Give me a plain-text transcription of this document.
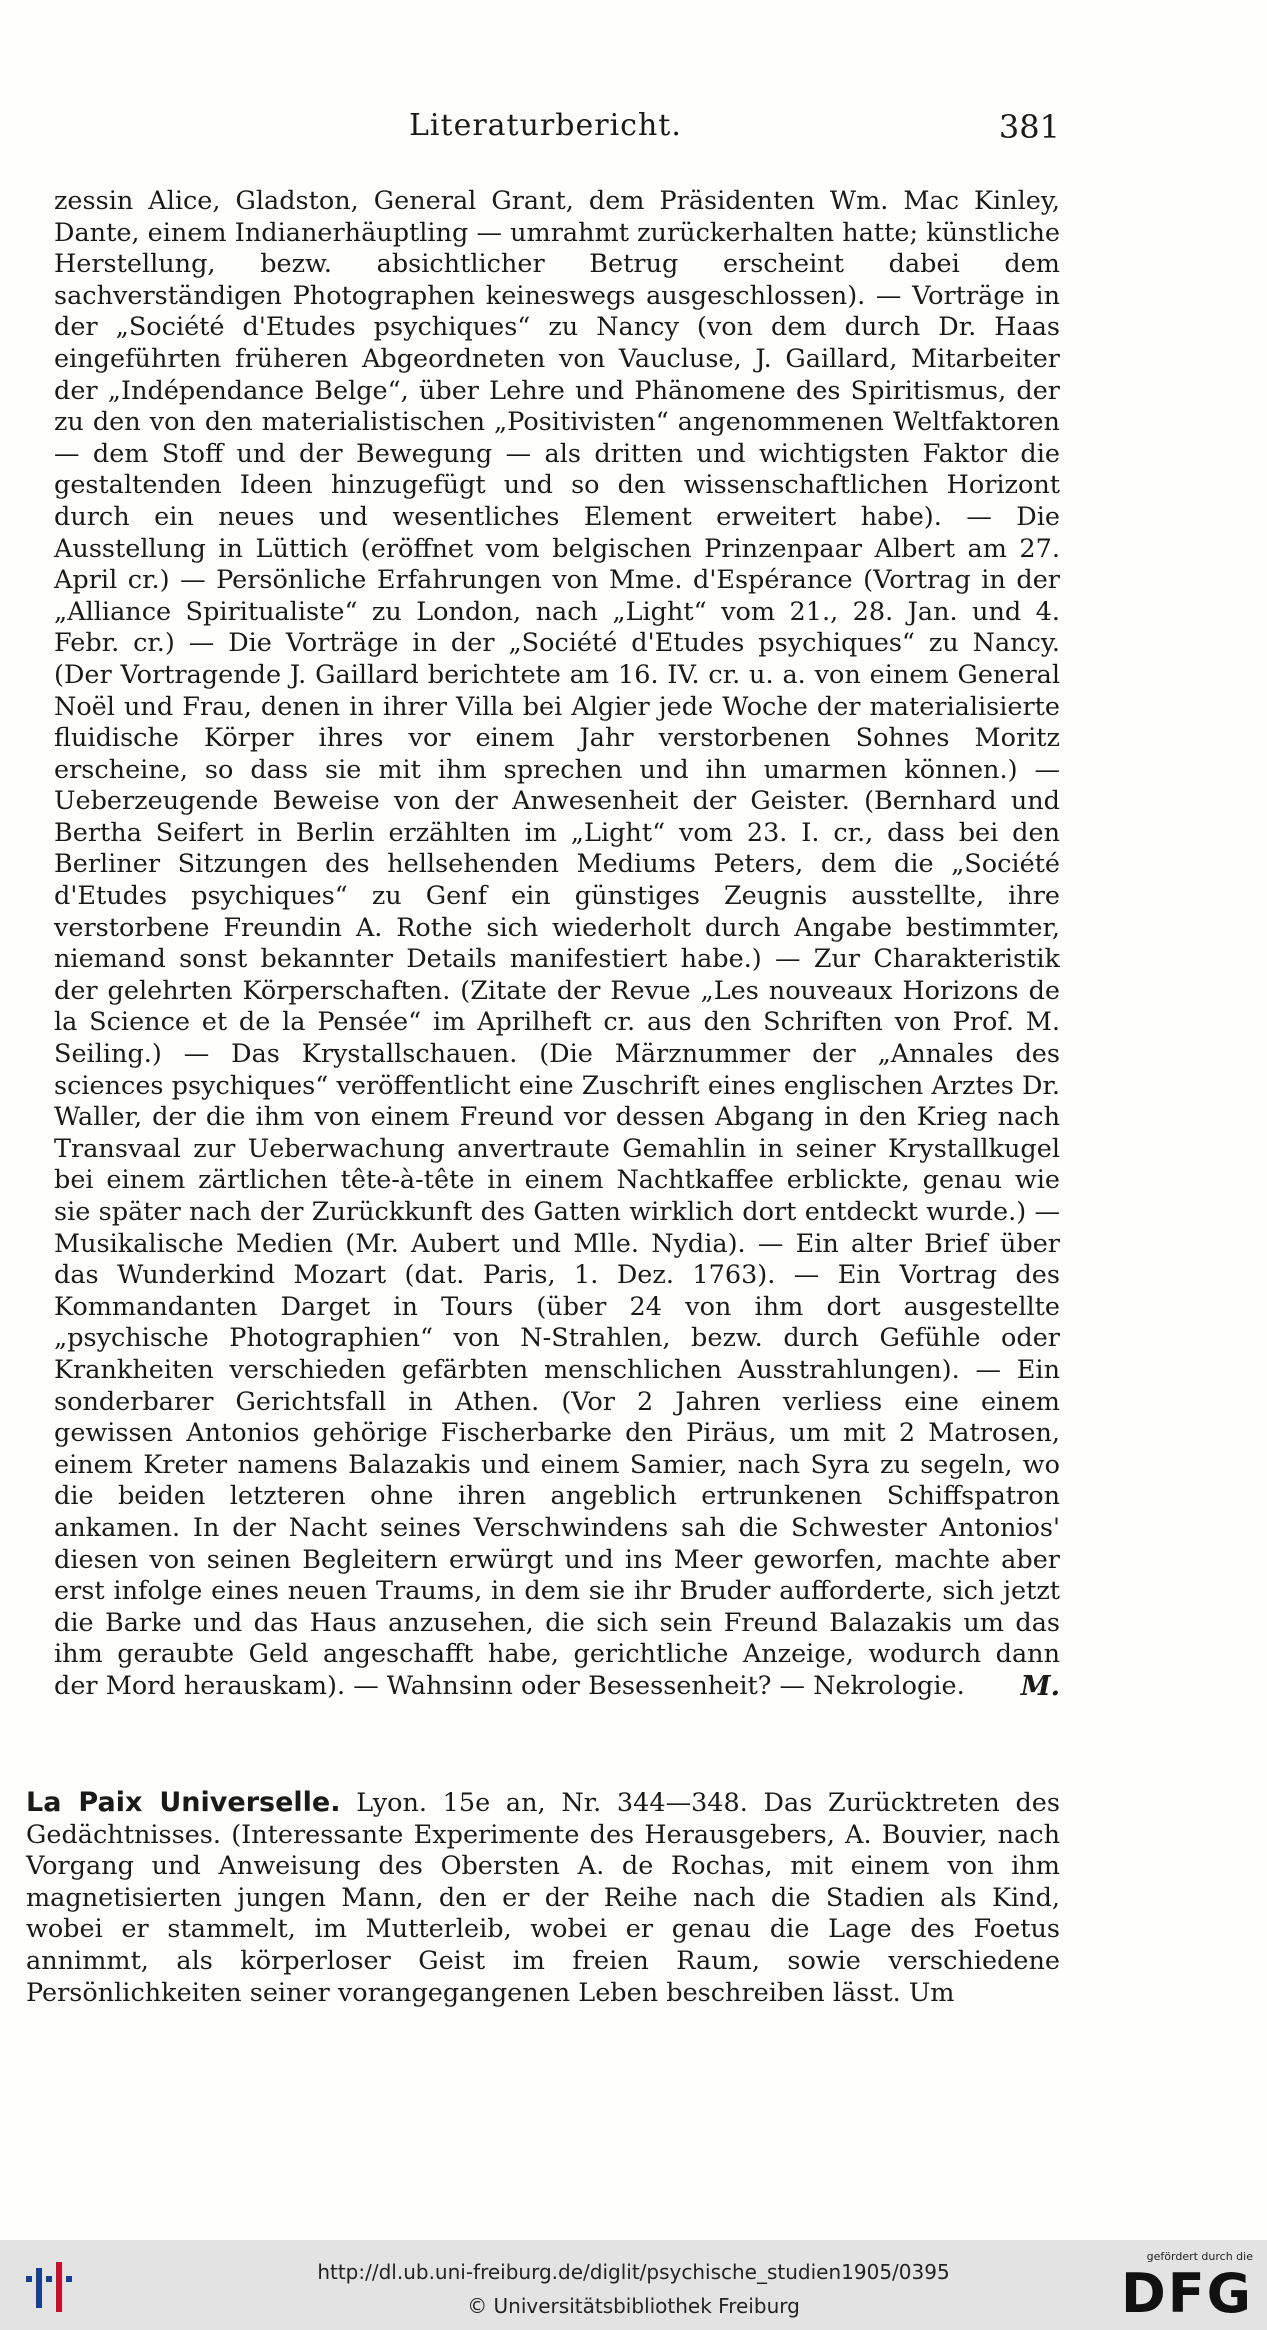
Literaturbericht.	381

zessin Alice, Gladston, General Grant, dem Präsidenten Wm. Mac Kinley, Dante, einem Indianerhäuptling — umrahmt zurückerhalten hatte; künstliche Herstellung, bezw. absichtlicher Betrug erscheint dabei dem sachverständigen Photographen keineswegs ausgeschlossen). — Vorträge in der „Société d'Etudes psychiques“ zu Nancy (von dem durch Dr. Haas eingeführten früheren Abgeordneten von Vaucluse, J. Gaillard, Mitarbeiter der „Indépendance Belge“, über Lehre und Phänomene des Spiritismus, der zu den von den materialistischen „Positivisten“ angenommenen Weltfaktoren — dem Stoff und der Bewegung — als dritten und wichtigsten Faktor die gestaltenden Ideen hinzugefügt und so den wissenschaftlichen Horizont durch ein neues und wesentliches Element erweitert habe). — Die Ausstellung in Lüttich (eröffnet vom belgischen Prinzenpaar Albert am 27. April cr.) — Persönliche Erfahrungen von Mme. d'Espérance (Vortrag in der „Alliance Spiritualiste“ zu London, nach „Light“ vom 21., 28. Jan. und 4. Febr. cr.) — Die Vorträge in der „Société d'Etudes psychiques“ zu Nancy. (Der Vortragende J. Gaillard berichtete am 16. IV. cr. u. a. von einem General Noël und Frau, denen in ihrer Villa bei Algier jede Woche der materialisierte fluidische Körper ihres vor einem Jahr verstorbenen Sohnes Moritz erscheine, so dass sie mit ihm sprechen und ihn umarmen können.) — Ueberzeugende Beweise von der Anwesenheit der Geister. (Bernhard und Bertha Seifert in Berlin erzählten im „Light“ vom 23. I. cr., dass bei den Berliner Sitzungen des hellsehenden Mediums Peters, dem die „Société d'Etudes psychiques“ zu Genf ein günstiges Zeugnis ausstellte, ihre verstorbene Freundin A. Rothe sich wiederholt durch Angabe bestimmter, niemand sonst bekannter Details manifestiert habe.) — Zur Charakteristik der gelehrten Körperschaften. (Zitate der Revue „Les nouveaux Horizons de la Science et de la Pensée“ im Aprilheft cr. aus den Schriften von Prof. M. Seiling.) — Das Krystallschauen. (Die Märznummer der „Annales des sciences psychiques“ veröffentlicht eine Zuschrift eines englischen Arztes Dr. Waller, der die ihm von einem Freund vor dessen Abgang in den Krieg nach Transvaal zur Ueberwachung anvertraute Gemahlin in seiner Krystallkugel bei einem zärtlichen tête-à-tête in einem Nachtkaffee erblickte, genau wie sie später nach der Zurückkunft des Gatten wirklich dort entdeckt wurde.) — Musikalische Medien (Mr. Aubert und Mlle. Nydia). — Ein alter Brief über das Wunderkind Mozart (dat. Paris, 1. Dez. 1763). — Ein Vortrag des Kommandanten Darget in Tours (über 24 von ihm dort ausgestellte „psychische Photographien“ von N-Strahlen, bezw. durch Gefühle oder Krankheiten verschieden gefärbten menschlichen Ausstrahlungen). — Ein sonderbarer Gerichtsfall in Athen. (Vor 2 Jahren verliess eine einem gewissen Antonios gehörige Fischerbarke den Piräus, um mit 2 Matrosen, einem Kreter namens Balazakis und einem Samier, nach Syra zu segeln, wo die beiden letzteren ohne ihren angeblich ertrunkenen Schiffspatron ankamen. In der Nacht seines Verschwindens sah die Schwester Antonios' diesen von seinen Begleitern erwürgt und ins Meer geworfen, machte aber erst infolge eines neuen Traums, in dem sie ihr Bruder aufforderte, sich jetzt die Barke und das Haus anzusehen, die sich sein Freund Balazakis um das ihm geraubte Geld angeschafft habe, gerichtliche Anzeige, wodurch dann der Mord herauskam). — Wahnsinn oder Besessenheit? — Nekrologie. M.

La Paix Universelle. Lyon. 15e an, Nr. 344—348. Das Zurücktreten des Gedächtnisses. (Interessante Experimente des Herausgebers, A. Bouvier, nach Vorgang und Anweisung des Obersten A. de Rochas, mit einem von ihm magnetisierten jungen Mann, den er der Reihe nach die Stadien als Kind, wobei er stammelt, im Mutterleib, wobei er genau die Lage des Foetus annimmt, als körperloser Geist im freien Raum, sowie verschiedene Persönlichkeiten seiner vorangegangenen Leben beschreiben lässt. Um
http://dl.ub.uni-freiburg.de/diglit/psychische_studien1905/0395
© Universitätsbibliothek Freiburg
gefördert durch die
DFG
